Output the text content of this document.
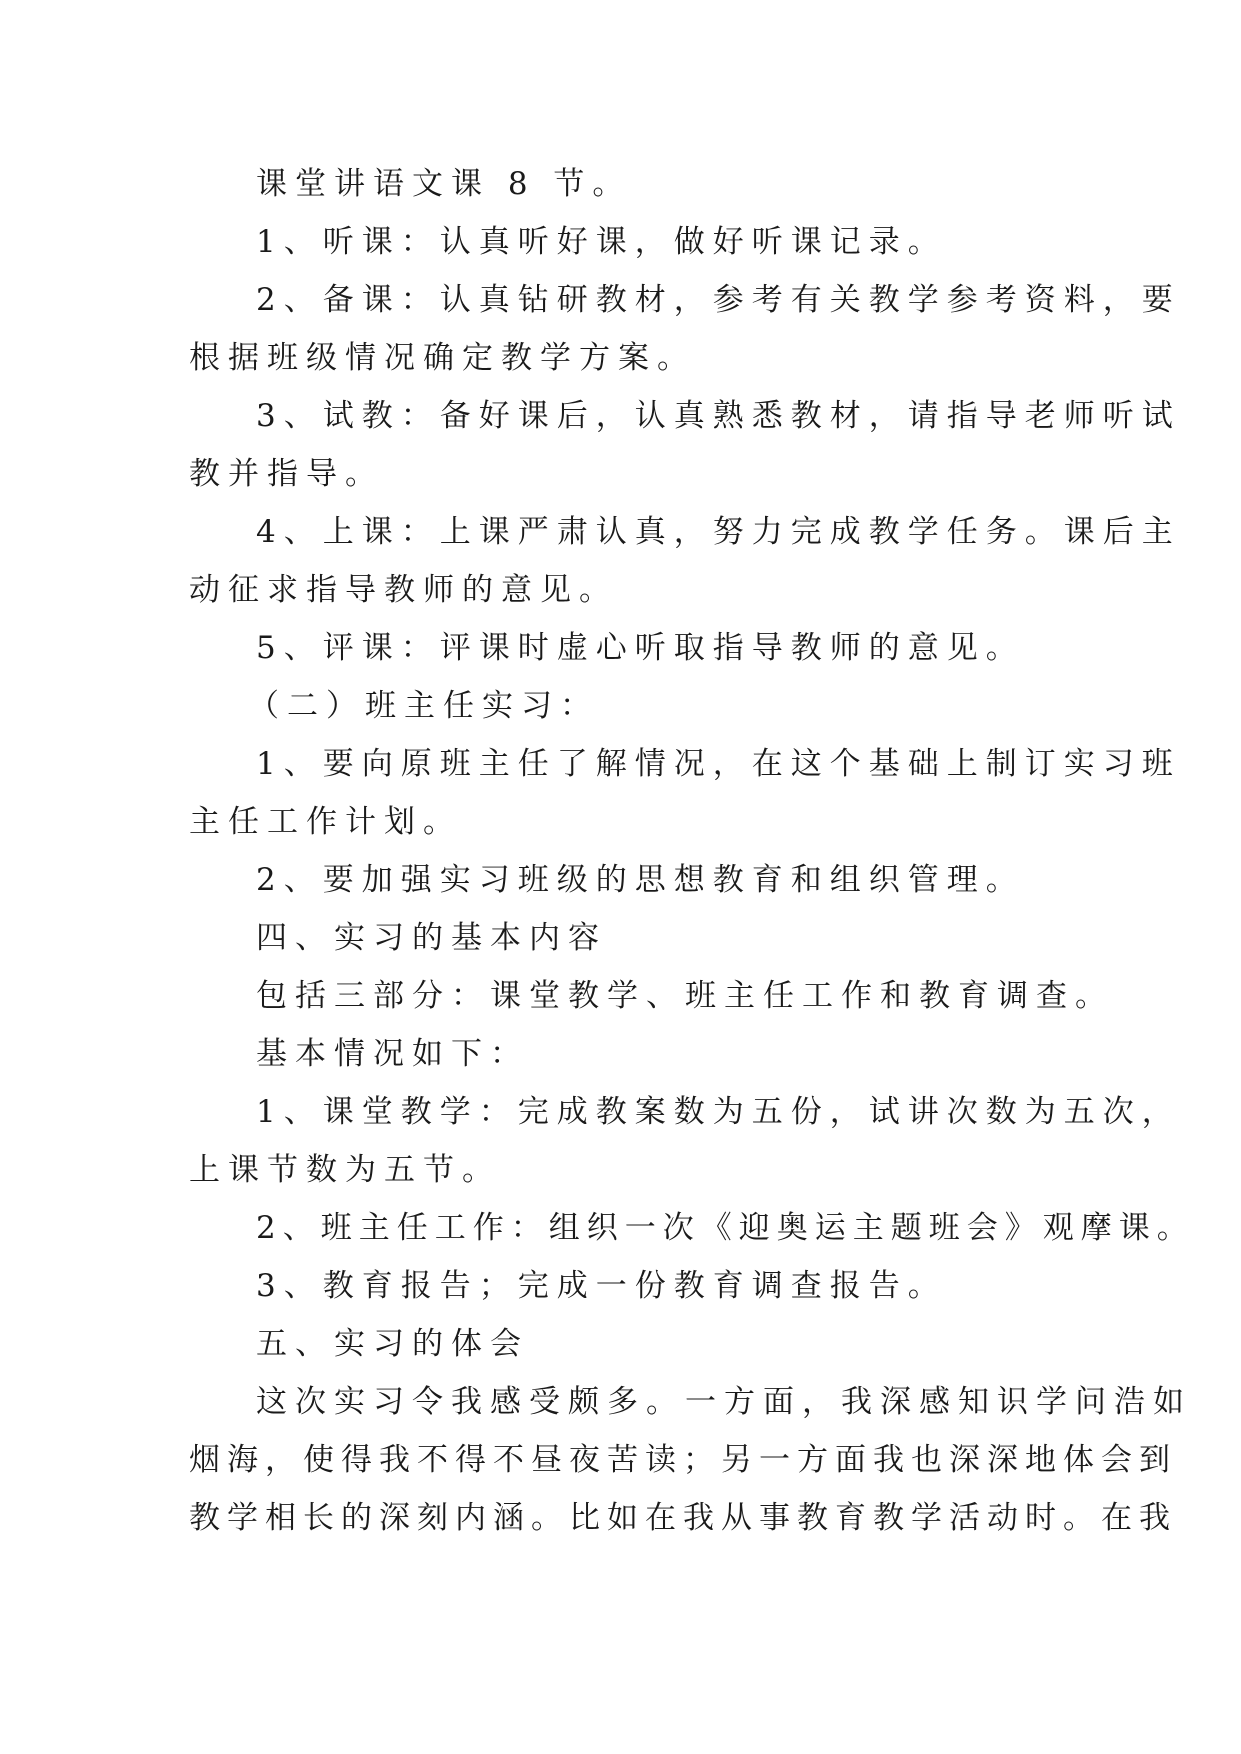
课堂讲语文课 8 节。
1、听课：认真听好课，做好听课记录。
2、备课：认真钻研教材，参考有关教学参考资料，要
根据班级情况确定教学方案。
3、试教：备好课后，认真熟悉教材，请指导老师听试
教并指导。
4、上课：上课严肃认真，努力完成教学任务。课后主
动征求指导教师的意见。
5、评课：评课时虚心听取指导教师的意见。
（二）班主任实习：
1、要向原班主任了解情况，在这个基础上制订实习班
主任工作计划。
2、要加强实习班级的思想教育和组织管理。
四、实习的基本内容
包括三部分：课堂教学、班主任工作和教育调查。
基本情况如下：
1、课堂教学：完成教案数为五份，试讲次数为五次，
上课节数为五节。
2、班主任工作：组织一次《迎奥运主题班会》观摩课。
3、教育报告；完成一份教育调查报告。
五、实习的体会
这次实习令我感受颇多。一方面，我深感知识学问浩如
烟海，使得我不得不昼夜苦读；另一方面我也深深地体会到
教学相长的深刻内涵。比如在我从事教育教学活动时。在我
